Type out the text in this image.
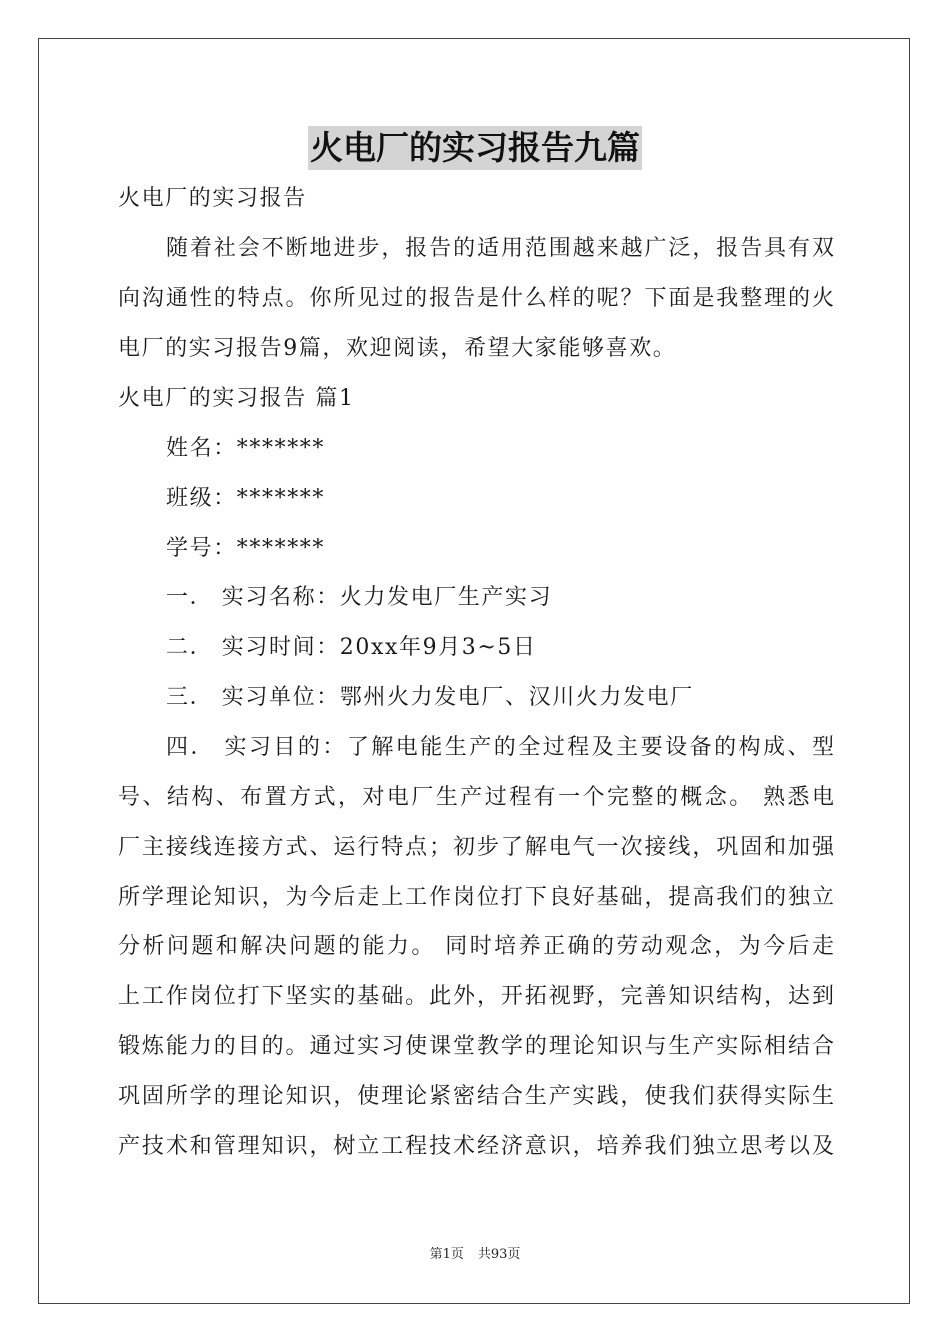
火电厂的实习报告九篇
火电厂的实习报告
随着社会不断地进步，报告的适用范围越来越广泛，报告具有双
向沟通性的特点。你所见过的报告是什么样的呢？下面是我整理的火
电厂的实习报告9篇，欢迎阅读，希望大家能够喜欢。
火电厂的实习报告 篇1
姓名：*******
班级：*******
学号：*******
一． 实习名称：火力发电厂生产实习
二． 实习时间：20xx年9月3~5日
三． 实习单位：鄂州火力发电厂、汉川火力发电厂
四． 实习目的：了解电能生产的全过程及主要设备的构成、型
号、结构、布置方式，对电厂生产过程有一个完整的概念。 熟悉电
厂主接线连接方式、运行特点；初步了解电气一次接线，巩固和加强
所学理论知识，为今后走上工作岗位打下良好基础，提高我们的独立
分析问题和解决问题的能力。 同时培养正确的劳动观念，为今后走
上工作岗位打下坚实的基础。此外，开拓视野，完善知识结构，达到
锻炼能力的目的。通过实习使课堂教学的理论知识与生产实际相结合
巩固所学的理论知识，使理论紧密结合生产实践，使我们获得实际生
产技术和管理知识，树立工程技术经济意识，培养我们独立思考以及
第1页 共93页
